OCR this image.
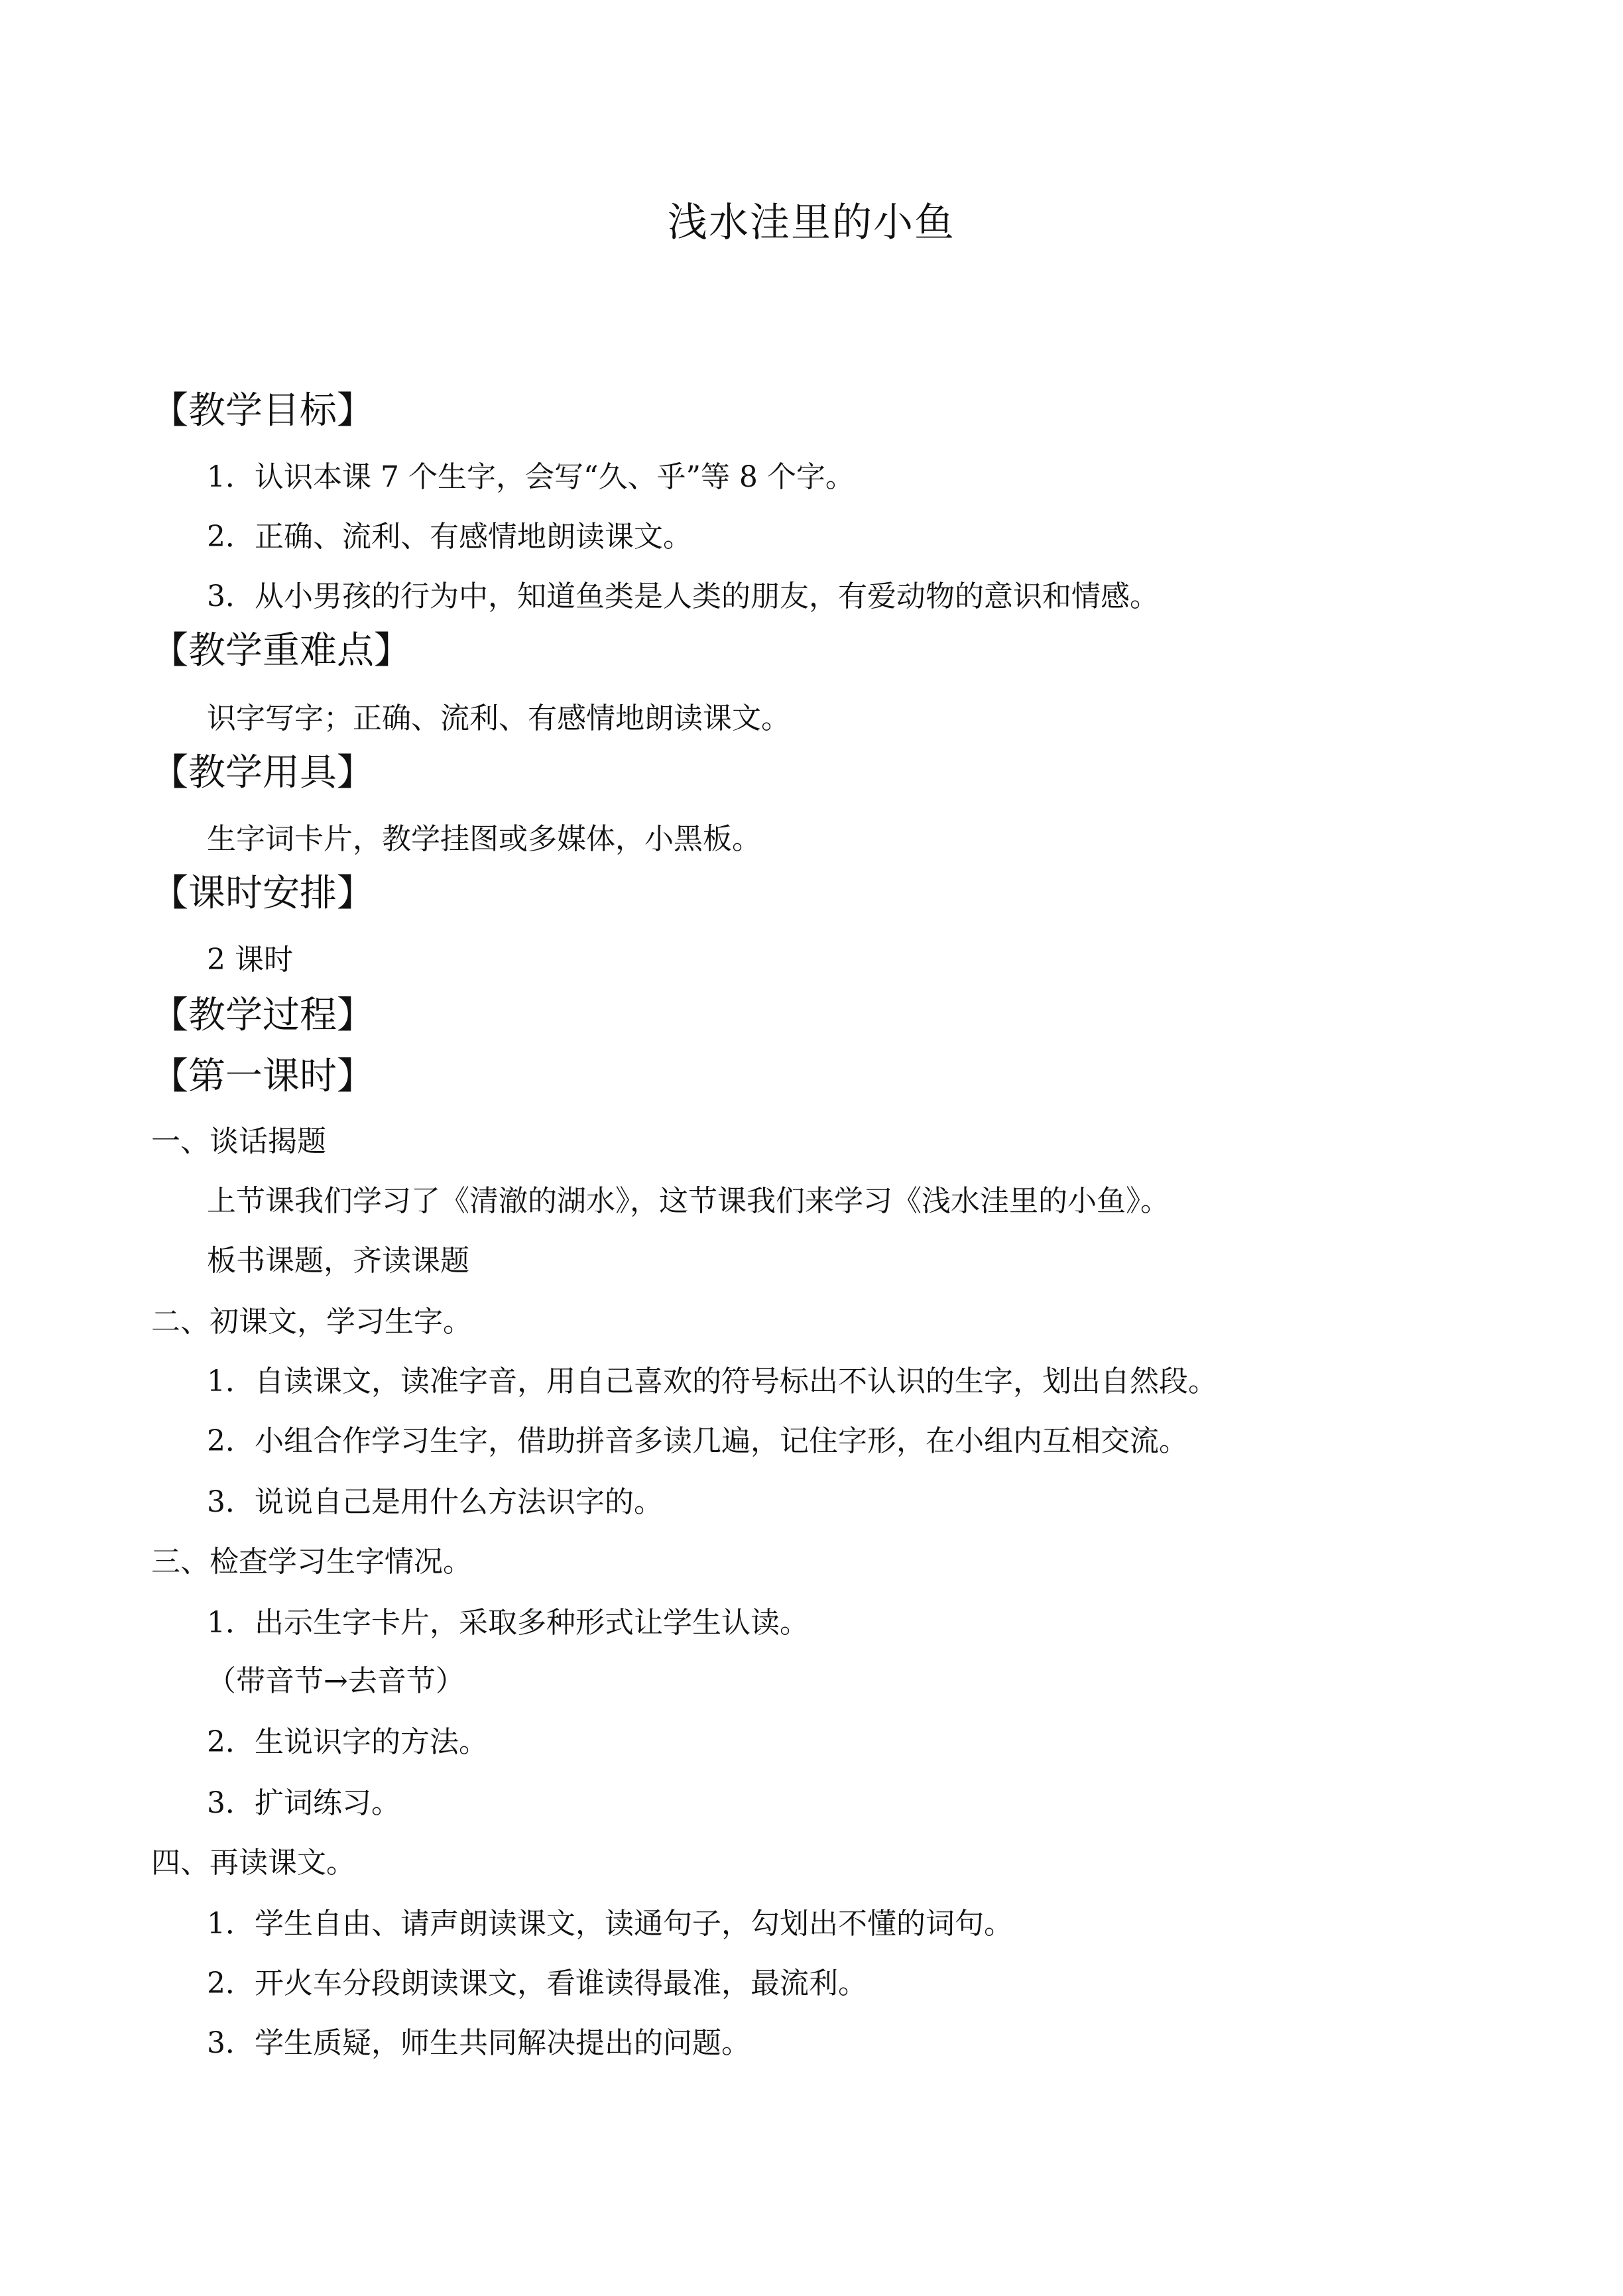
浅水洼里的小鱼
【教学目标】
1．认识本课 7 个生字，会写“久、乎”等 8 个字。
2．正确、流利、有感情地朗读课文。
3．从小男孩的行为中，知道鱼类是人类的朋友，有爱动物的意识和情感。
【教学重难点】
识字写字；正确、流利、有感情地朗读课文。
【教学用具】
生字词卡片，教学挂图或多媒体，小黑板。
【课时安排】
2 课时
【教学过程】
【第一课时】
一、谈话揭题
上节课我们学习了《清澈的湖水》，这节课我们来学习《浅水洼里的小鱼》。
板书课题，齐读课题
二、初课文，学习生字。
1．自读课文，读准字音，用自己喜欢的符号标出不认识的生字，划出自然段。
2．小组合作学习生字，借助拼音多读几遍，记住字形，在小组内互相交流。
3．说说自己是用什么方法识字的。
三、检查学习生字情况。
1．出示生字卡片，采取多种形式让学生认读。
（带音节→去音节）
2．生说识字的方法。
3．扩词练习。
四、再读课文。
1．学生自由、请声朗读课文，读通句子，勾划出不懂的词句。
2．开火车分段朗读课文，看谁读得最准，最流利。
3．学生质疑，师生共同解决提出的问题。
